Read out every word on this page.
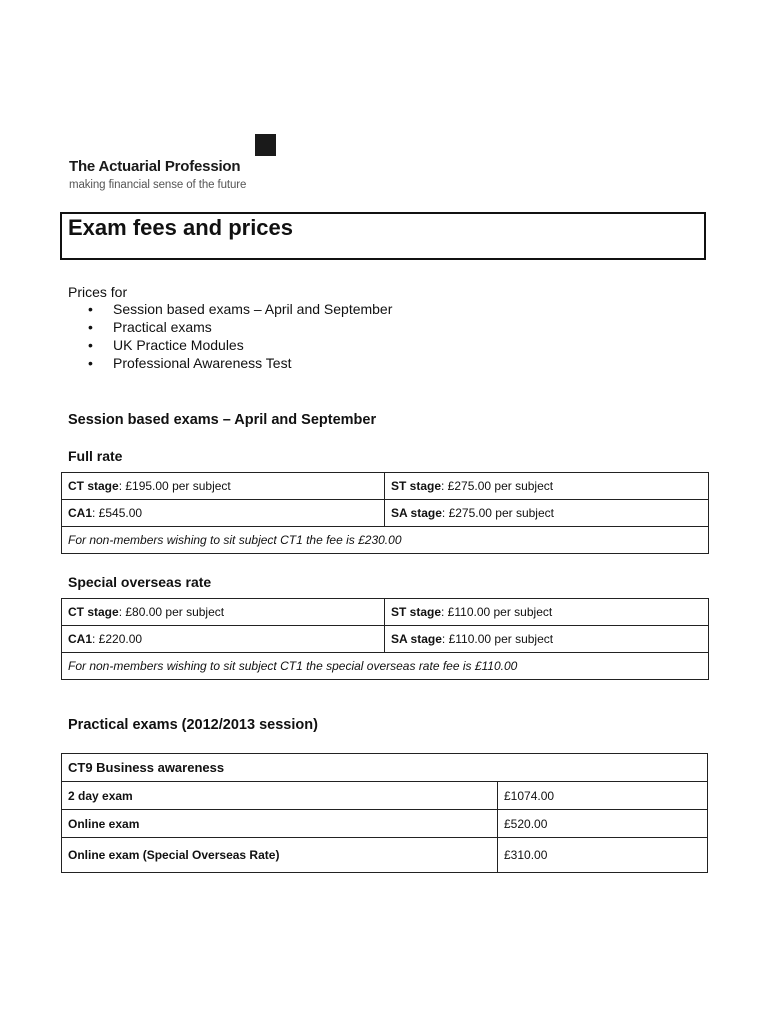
The Actuarial Profession
making financial sense of the future
Exam fees and prices
Prices for
• Session based exams – April and September
• Practical exams
• UK Practice Modules
• Professional Awareness Test
Session based exams – April and September
Full rate
CT stage: £195.00 per subject	ST stage: £275.00 per subject
CA1: £545.00	SA stage: £275.00 per subject
For non-members wishing to sit subject CT1 the fee is £230.00	
Special overseas rate
CT stage: £80.00 per subject	ST stage: £110.00 per subject
CA1: £220.00	SA stage: £110.00 per subject
For non-members wishing to sit subject CT1 the special overseas rate fee is £110.00	
Practical exams (2012/2013 session)
CT9 Business awareness	
2 day exam	£1074.00
Online exam	£520.00
Online exam (Special Overseas Rate)	£310.00
